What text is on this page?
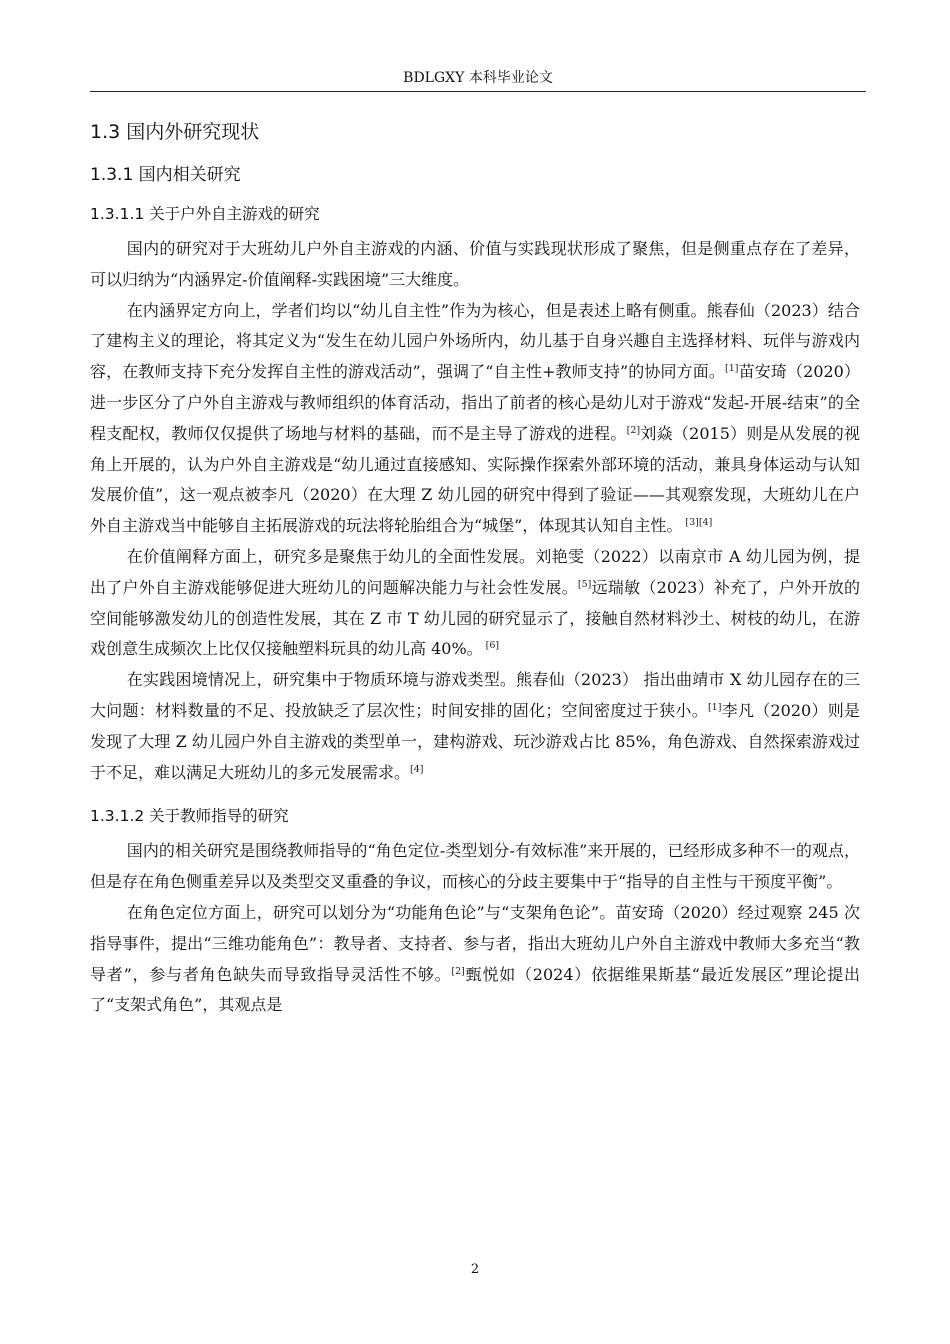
BDLGXY 本科毕业论文
1.3 国内外研究现状
1.3.1 国内相关研究
1.3.1.1 关于户外自主游戏的研究

国内的研究对于大班幼儿户外自主游戏的内涵、价值与实践现状形成了聚焦，但是侧重点存在了差异，可以归纳为“内涵界定-价值阐释-实践困境”三大维度。

在内涵界定方向上，学者们均以“幼儿自主性”作为为核心，但是表述上略有侧重。熊春仙（2023）结合了建构主义的理论，将其定义为“发生在幼儿园户外场所内，幼儿基于自身兴趣自主选择材料、玩伴与游戏内容，在教师支持下充分发挥自主性的游戏活动”，强调了“自主性+教师支持”的协同方面。[1]苗安琦（2020）进一步区分了户外自主游戏与教师组织的体育活动，指出了前者的核心是幼儿对于游戏“发起-开展-结束”的全程支配权，教师仅仅提供了场地与材料的基础，而不是主导了游戏的进程。[2]刘焱（2015）则是从发展的视角上开展的，认为户外自主游戏是“幼儿通过直接感知、实际操作探索外部环境的活动，兼具身体运动与认知发展价值”，这一观点被李凡（2020）在大理 Z 幼儿园的研究中得到了验证——其观察发现，大班幼儿在户外自主游戏当中能够自主拓展游戏的玩法将轮胎组合为“城堡”，体现其认知自主性。 [3][4]

在价值阐释方面上，研究多是聚焦于幼儿的全面性发展。刘艳雯（2022）以南京市 A 幼儿园为例，提出了户外自主游戏能够促进大班幼儿的问题解决能力与社会性发展。[5]远瑞敏（2023）补充了，户外开放的空间能够激发幼儿的创造性发展，其在 Z 市 T 幼儿园的研究显示了，接触自然材料沙土、树枝的幼儿，在游戏创意生成频次上比仅仅接触塑料玩具的幼儿高 40%。 [6]

在实践困境情况上，研究集中于物质环境与游戏类型。熊春仙（2023） 指出曲靖市 X 幼儿园存在的三大问题：材料数量的不足、投放缺乏了层次性；时间安排的固化；空间密度过于狭小。[1]李凡（2020）则是发现了大理 Z 幼儿园户外自主游戏的类型单一，建构游戏、玩沙游戏占比 85%，角色游戏、自然探索游戏过于不足，难以满足大班幼儿的多元发展需求。[4]

1.3.1.2 关于教师指导的研究

国内的相关研究是围绕教师指导的“角色定位-类型划分-有效标准”来开展的，已经形成多种不一的观点，但是存在角色侧重差异以及类型交叉重叠的争议，而核心的分歧主要集中于“指导的自主性与干预度平衡”。

在角色定位方面上，研究可以划分为“功能角色论”与“支架角色论”。苗安琦（2020）经过观察 245 次指导事件，提出“三维功能角色”：教导者、支持者、参与者，指出大班幼儿户外自主游戏中教师大多充当“教导者”，参与者角色缺失而导致指导灵活性不够。[2]甄悦如（2024）依据维果斯基“最近发展区”理论提出了“支架式角色”，其观点是

2
